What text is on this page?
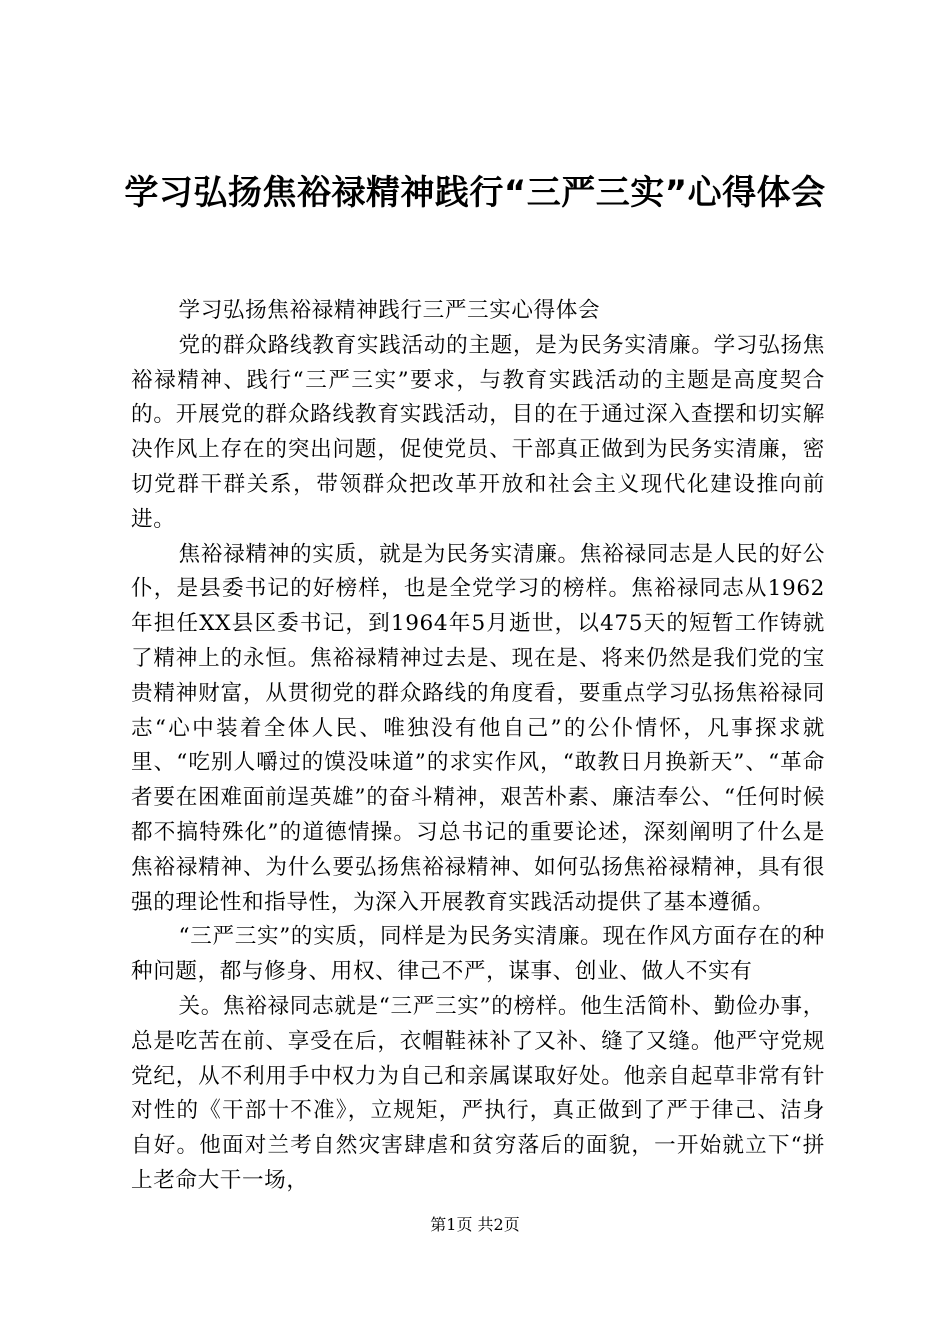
学习弘扬焦裕禄精神践行“三严三实”心得体会

学习弘扬焦裕禄精神践行三严三实心得体会

党的群众路线教育实践活动的主题，是为民务实清廉。学习弘扬焦裕禄精神、践行“三严三实”要求，与教育实践活动的主题是高度契合的。开展党的群众路线教育实践活动，目的在于通过深入查摆和切实解决作风上存在的突出问题，促使党员、干部真正做到为民务实清廉，密切党群干群关系，带领群众把改革开放和社会主义现代化建设推向前进。

焦裕禄精神的实质，就是为民务实清廉。焦裕禄同志是人民的好公仆，是县委书记的好榜样，也是全党学习的榜样。焦裕禄同志从1962年担任XX县区委书记，到1964年5月逝世，以475天的短暂工作铸就了精神上的永恒。焦裕禄精神过去是、现在是、将来仍然是我们党的宝贵精神财富，从贯彻党的群众路线的角度看，要重点学习弘扬焦裕禄同志“心中装着全体人民、唯独没有他自己”的公仆情怀，凡事探求就里、“吃别人嚼过的馍没味道”的求实作风，“敢教日月换新天”、“革命者要在困难面前逞英雄”的奋斗精神，艰苦朴素、廉洁奉公、“任何时候都不搞特殊化”的道德情操。习总书记的重要论述，深刻阐明了什么是焦裕禄精神、为什么要弘扬焦裕禄精神、如何弘扬焦裕禄精神，具有很强的理论性和指导性，为深入开展教育实践活动提供了基本遵循。

“三严三实”的实质，同样是为民务实清廉。现在作风方面存在的种种问题，都与修身、用权、律己不严，谋事、创业、做人不实有

关。焦裕禄同志就是“三严三实”的榜样。他生活简朴、勤俭办事，总是吃苦在前、享受在后，衣帽鞋袜补了又补、缝了又缝。他严守党规党纪，从不利用手中权力为自己和亲属谋取好处。他亲自起草非常有针对性的《干部十不准》，立规矩，严执行，真正做到了严于律己、洁身自好。他面对兰考自然灾害肆虐和贫穷落后的面貌，一开始就立下“拼上老命大干一场，

第1页 共2页
